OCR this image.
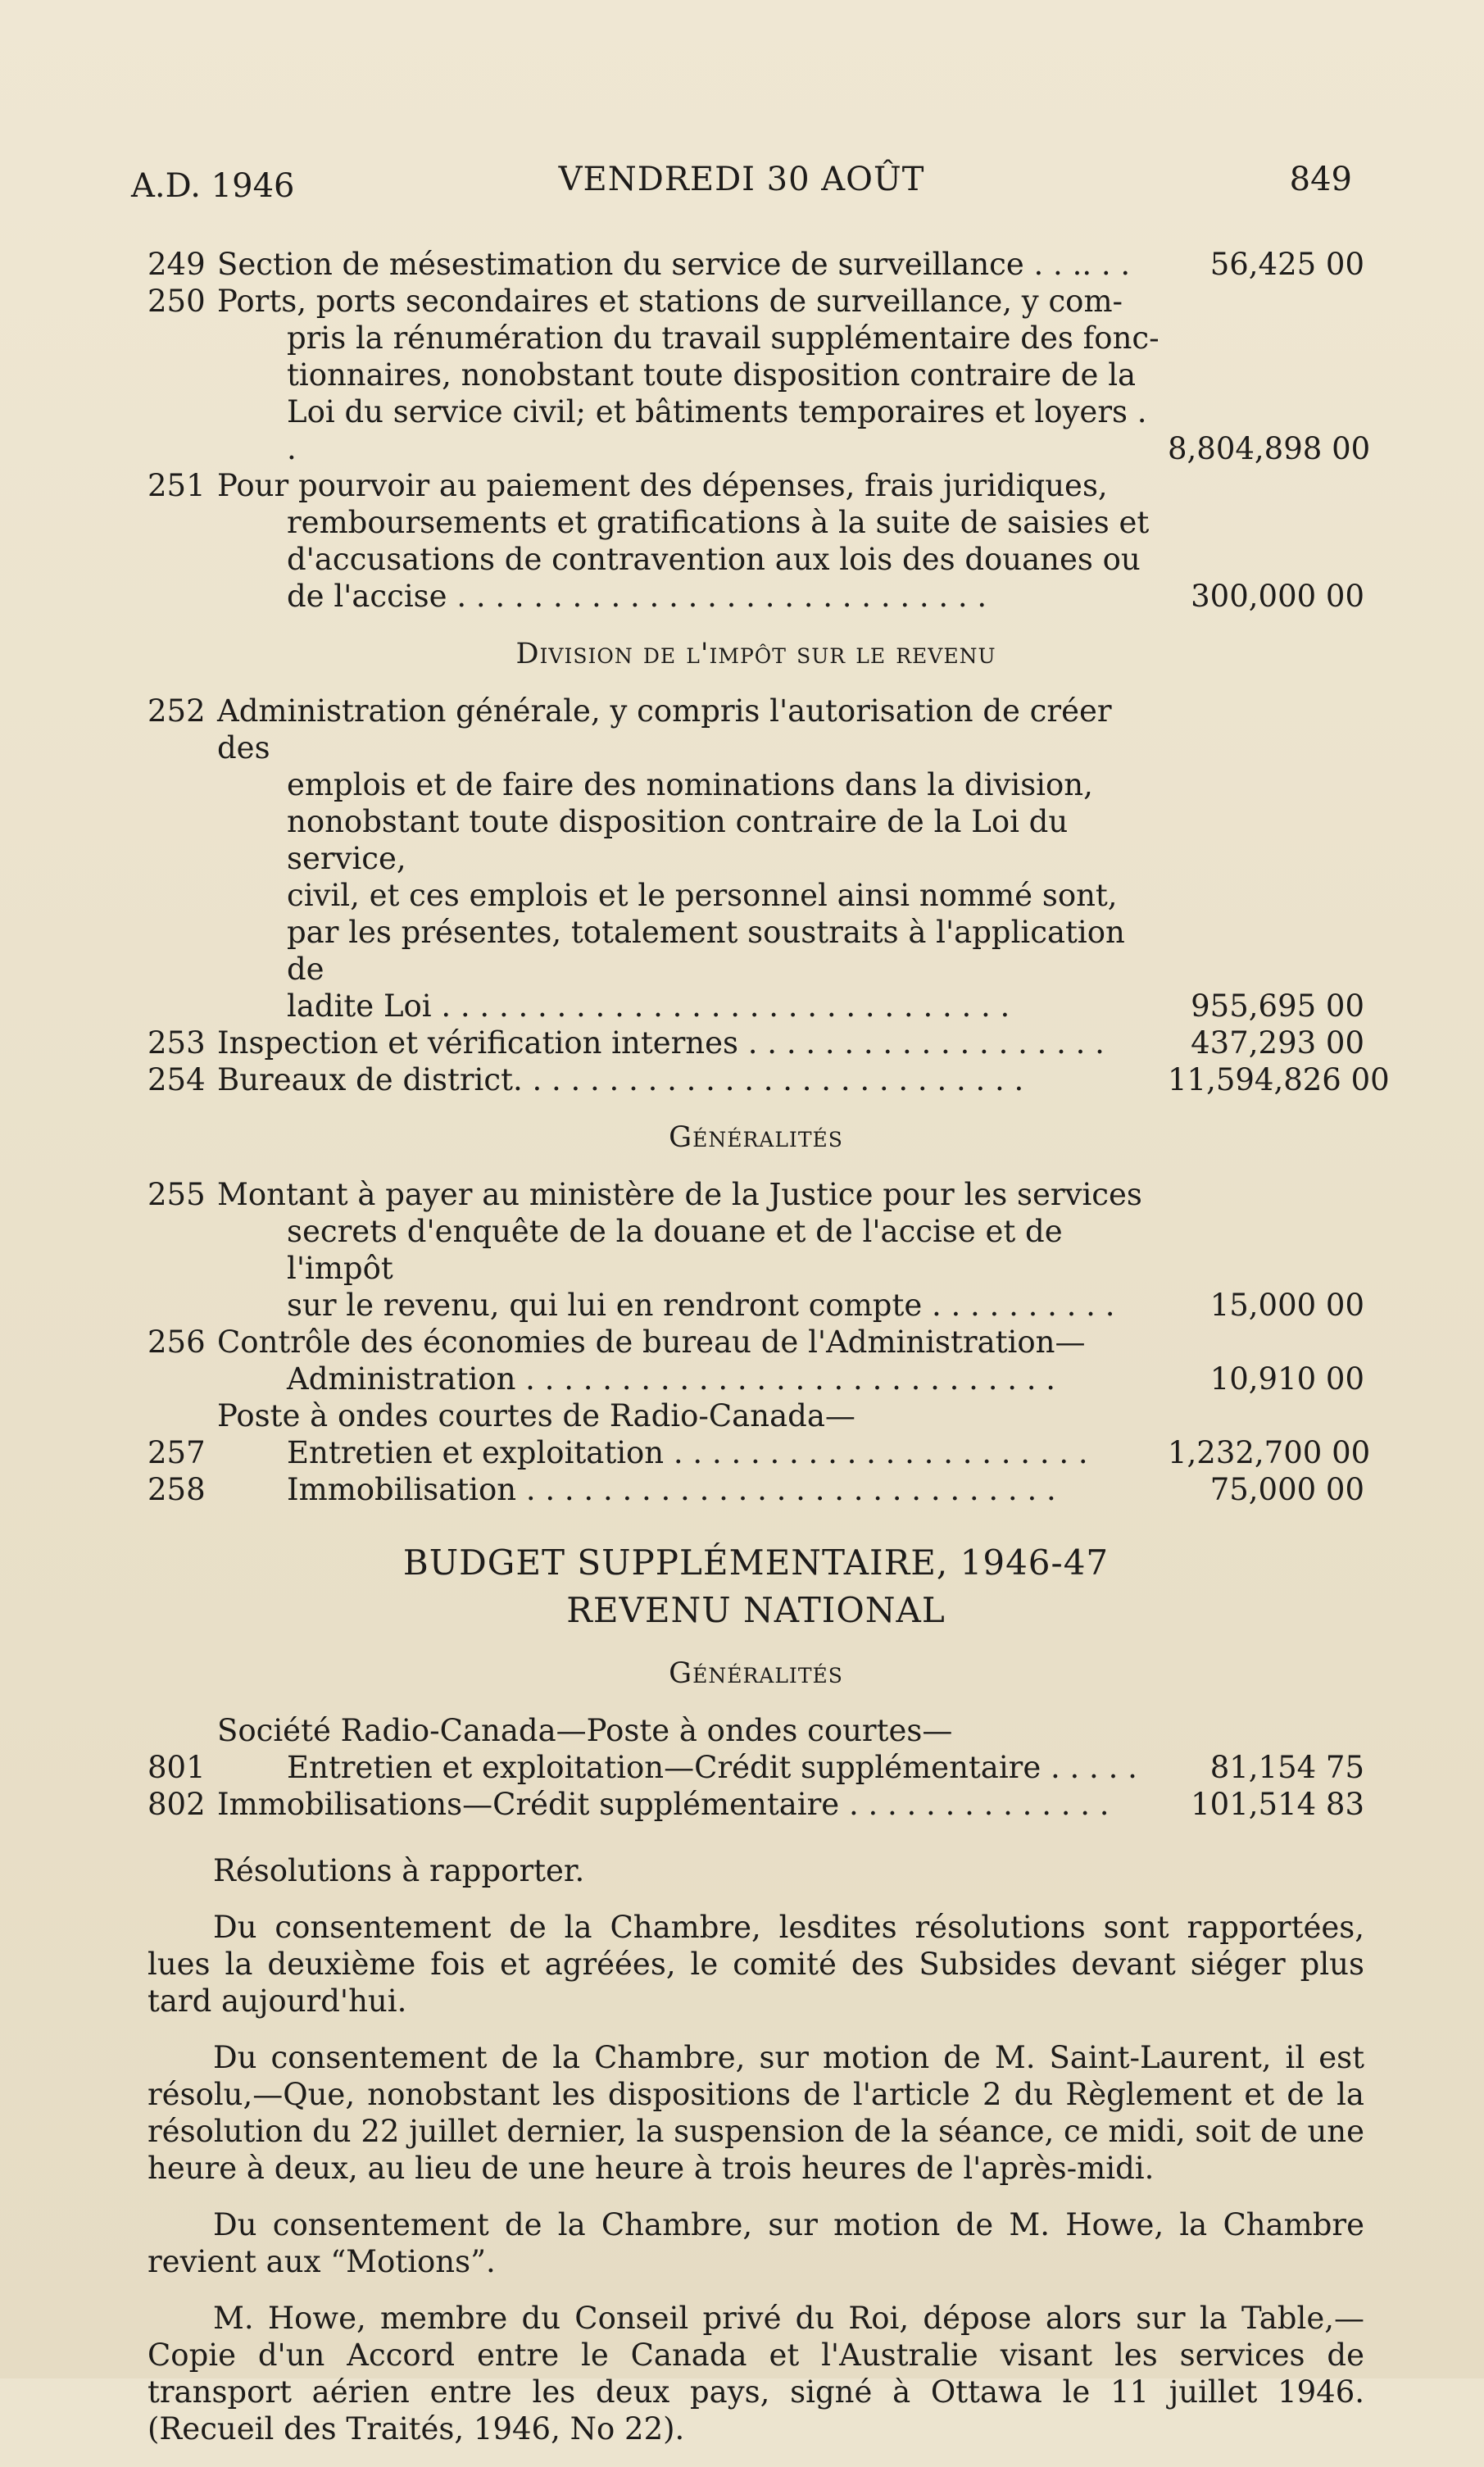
A.D. 1946	VENDREDI 30 AOÛT	849
249 Section de mésestimation du service de surveillance . . .. . .	56,425 00
250 Ports, ports secondaires et stations de surveillance, y com-
pris la rénumération du travail supplémentaire des fonc-
tionnaires, nonobstant toute disposition contraire de la
Loi du service civil; et bâtiments temporaires et loyers . .	8,804,898 00
251 Pour pourvoir au paiement des dépenses, frais juridiques,
remboursements et gratifications à la suite de saisies et
d'accusations de contravention aux lois des douanes ou
de l'accise . . . . . . . . . . . . . . . . . . . . . . . . . . . .	300,000 00
Division de l'impôt sur le revenu
252 Administration générale, y compris l'autorisation de créer des
emplois et de faire des nominations dans la division,
nonobstant toute disposition contraire de la Loi du service,
civil, et ces emplois et le personnel ainsi nommé sont,
par les présentes, totalement soustraits à l'application de
ladite Loi . . . . . . . . . . . . . . . . . . . . . . . . . . . . . .	955,695 00
253 Inspection et vérification internes . . . . . . . . . . . . . . . . . . .	437,293 00
254 Bureaux de district. . . . . . . . . . . . . . . . . . . . . . . . . . .	11,594,826 00
Généralités
255 Montant à payer au ministère de la Justice pour les services
secrets d'enquête de la douane et de l'accise et de l'impôt
sur le revenu, qui lui en rendront compte . . . . . . . . . .	15,000 00
256 Contrôle des économies de bureau de l'Administration—
Administration . . . . . . . . . . . . . . . . . . . . . . . . . . . .	10,910 00
Poste à ondes courtes de Radio-Canada—
257	Entretien et exploitation . . . . . . . . . . . . . . . . . . . . . .	1,232,700 00
258	Immobilisation . . . . . . . . . . . . . . . . . . . . . . . . . . . .	75,000 00
BUDGET SUPPLÉMENTAIRE, 1946-47
REVENU NATIONAL
Généralités
Société Radio-Canada—Poste à ondes courtes—
801	Entretien et exploitation—Crédit supplémentaire . . . . .	81,154 75
802 Immobilisations—Crédit supplémentaire . . . . . . . . . . . . . .	101,514 83

Résolutions à rapporter.

Du consentement de la Chambre, lesdites résolutions sont rapportées, lues la deuxième fois et agréées, le comité des Subsides devant siéger plus tard aujourd'hui.

Du consentement de la Chambre, sur motion de M. Saint-Laurent, il est résolu,—Que, nonobstant les dispositions de l'article 2 du Règlement et de la résolution du 22 juillet dernier, la suspension de la séance, ce midi, soit de une heure à deux, au lieu de une heure à trois heures de l'après-midi.

Du consentement de la Chambre, sur motion de M. Howe, la Chambre revient aux “Motions”.

M. Howe, membre du Conseil privé du Roi, dépose alors sur la Table,—Copie d'un Accord entre le Canada et l'Australie visant les services de transport aérien entre les deux pays, signé à Ottawa le 11 juillet 1946. (Recueil des Traités, 1946, No 22).
